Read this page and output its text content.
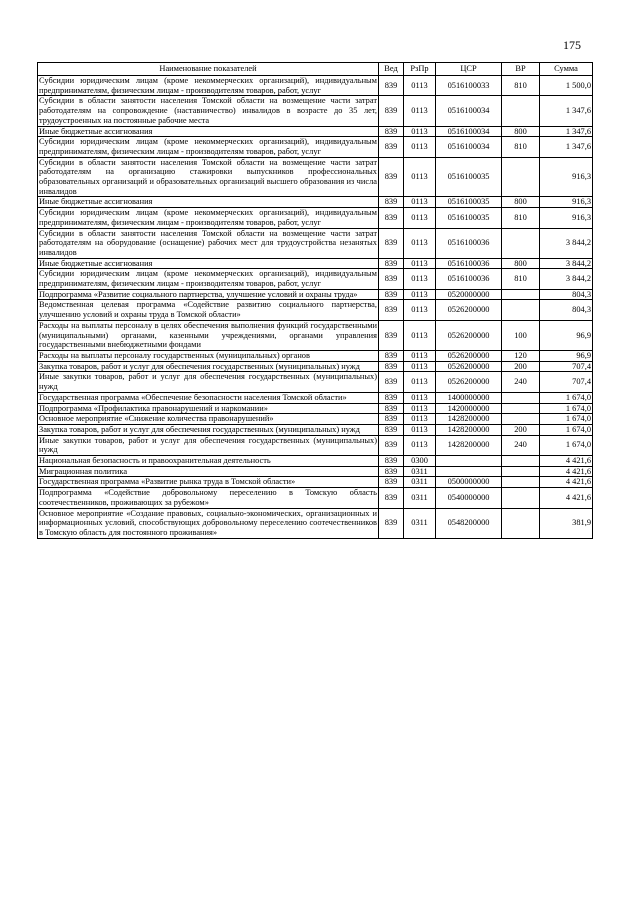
175
Наименование показателей	Вед	РзПр	ЦСР	ВР	Сумма
Субсидии юридическим лицам (кроме некоммерческих организаций), индивидуальным предпринимателям, физическим лицам - производителям товаров, работ, услуг	839	0113	0516100033	810	1 500,0
Субсидии в области занятости населения Томской области на возмещение части затрат работодателям на сопровождение (наставничество) инвалидов в возрасте до 35 лет, трудоустроенных на постоянные рабочие места	839	0113	0516100034		1 347,6
Иные бюджетные ассигнования	839	0113	0516100034	800	1 347,6
Субсидии юридическим лицам (кроме некоммерческих организаций), индивидуальным предпринимателям, физическим лицам - производителям товаров, работ, услуг	839	0113	0516100034	810	1 347,6
Субсидии в области занятости населения Томской области на возмещение части затрат работодателям на организацию стажировки выпускников профессиональных образовательных организаций и образовательных организаций высшего образования из числа инвалидов	839	0113	0516100035		916,3
Иные бюджетные ассигнования	839	0113	0516100035	800	916,3
Субсидии юридическим лицам (кроме некоммерческих организаций), индивидуальным предпринимателям, физическим лицам - производителям товаров, работ, услуг	839	0113	0516100035	810	916,3
Субсидии в области занятости населения Томской области на возмещение части затрат работодателям на оборудование (оснащение) рабочих мест для трудоустройства незанятых инвалидов	839	0113	0516100036		3 844,2
Иные бюджетные ассигнования	839	0113	0516100036	800	3 844,2
Субсидии юридическим лицам (кроме некоммерческих организаций), индивидуальным предпринимателям, физическим лицам - производителям товаров, работ, услуг	839	0113	0516100036	810	3 844,2
Подпрограмма «Развитие социального партнерства, улучшение условий и охраны труда»	839	0113	0520000000		804,3
Ведомственная целевая программа «Содействие развитию социального партнерства, улучшению условий и охраны труда в Томской области»	839	0113	0526200000		804,3
Расходы на выплаты персоналу в целях обеспечения выполнения функций государственными (муниципальными) органами, казенными учреждениями, органами управления государственными внебюджетными фондами	839	0113	0526200000	100	96,9
Расходы на выплаты персоналу государственных (муниципальных) органов	839	0113	0526200000	120	96,9
Закупка товаров, работ и услуг для обеспечения государственных (муниципальных) нужд	839	0113	0526200000	200	707,4
Иные закупки товаров, работ и услуг для обеспечения государственных (муниципальных) нужд	839	0113	0526200000	240	707,4
Государственная программа «Обеспечение безопасности населения Томской области»	839	0113	1400000000		1 674,0
Подпрограмма «Профилактика правонарушений и наркомании»	839	0113	1420000000		1 674,0
Основное мероприятие «Снижение количества правонарушений»	839	0113	1428200000		1 674,0
Закупка товаров, работ и услуг для обеспечения государственных (муниципальных) нужд	839	0113	1428200000	200	1 674,0
Иные закупки товаров, работ и услуг для обеспечения государственных (муниципальных) нужд	839	0113	1428200000	240	1 674,0
Национальная безопасность и правоохранительная деятельность	839	0300			4 421,6
Миграционная политика	839	0311			4 421,6
Государственная программа «Развитие рынка труда в Томской области»	839	0311	0500000000		4 421,6
Подпрограмма «Содействие добровольному переселению в Томскую область соотечественников, проживающих за рубежом»	839	0311	0540000000		4 421,6
Основное мероприятие «Создание правовых, социально-экономических, организационных и информационных условий, способствующих добровольному переселению соотечественников в Томскую область для постоянного проживания»	839	0311	0548200000		381,9
